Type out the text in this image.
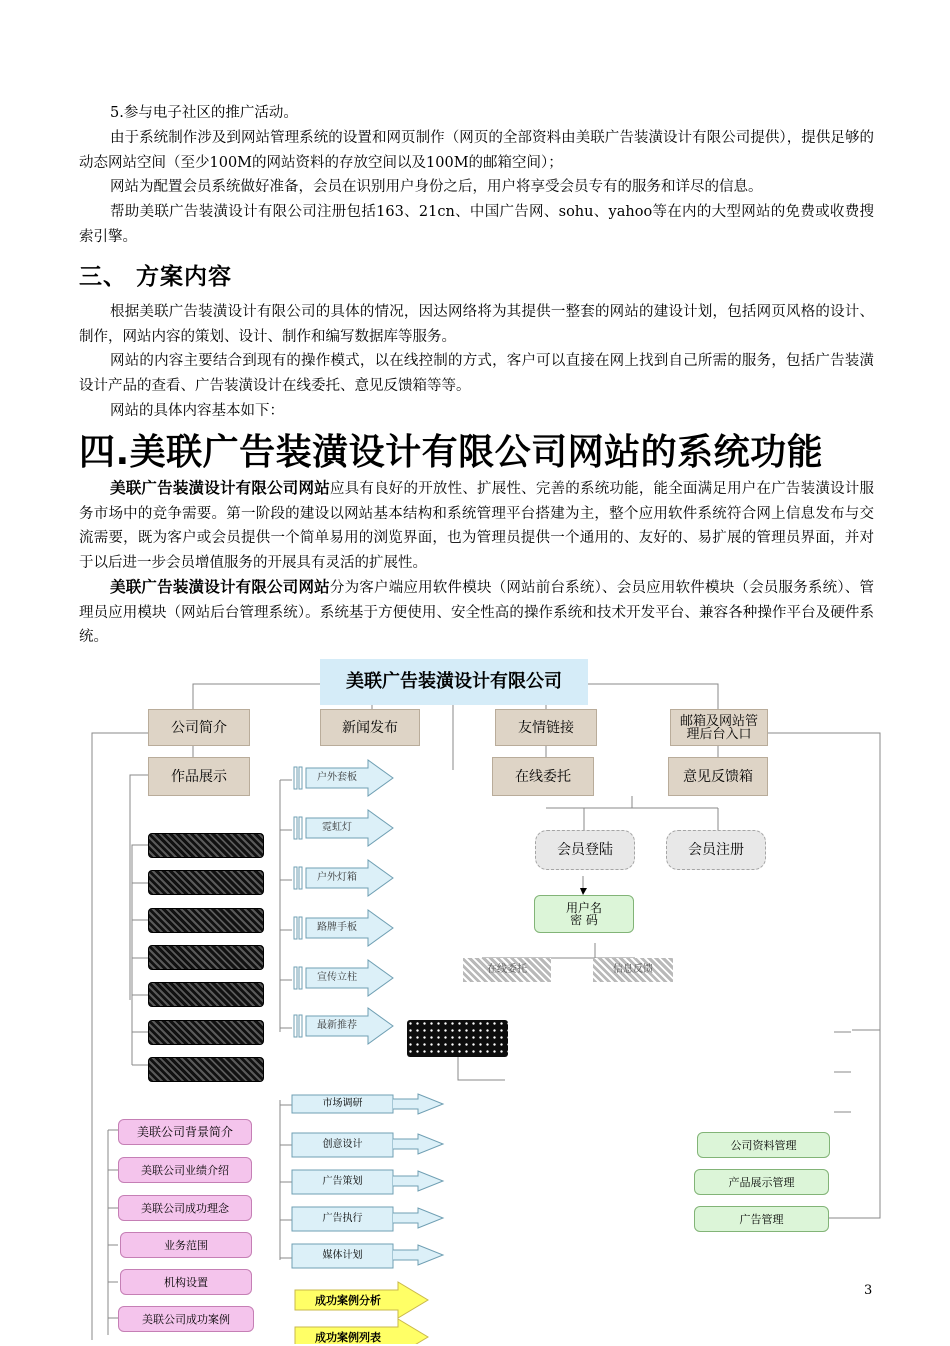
5.参与电子社区的推广活动。

由于系统制作涉及到网站管理系统的设置和网页制作（网页的全部资料由美联广告装潢设计有限公司提供），提供足够的动态网站空间（至少100M的网站资料的存放空间以及100M的邮箱空间）；

网站为配置会员系统做好准备，会员在识别用户身份之后，用户将享受会员专有的服务和详尽的信息。

帮助美联广告装潢设计有限公司注册包括163、21cn、中国广告网、sohu、yahoo等在内的大型网站的免费或收费搜索引擎。

三、 方案内容

根据美联广告装潢设计有限公司的具体的情况，因达网络将为其提供一整套的网站的建设计划，包括网页风格的设计、制作，网站内容的策划、设计、制作和编写数据库等服务。

网站的内容主要结合到现有的操作模式，以在线控制的方式，客户可以直接在网上找到自己所需的服务，包括广告装潢设计产品的查看、广告装潢设计在线委托、意见反馈箱等等。

网站的具体内容基本如下：

四.美联广告装潢设计有限公司网站的系统功能

美联广告装潢设计有限公司网站应具有良好的开放性、扩展性、完善的系统功能，能全面满足用户在广告装潢设计服务市场中的竞争需要。第一阶段的建设以网站基本结构和系统管理平台搭建为主，整个应用软件系统符合网上信息发布与交流需要，既为客户或会员提供一个简单易用的浏览界面，也为管理员提供一个通用的、友好的、易扩展的管理员界面，并对于以后进一步会员增值服务的开展具有灵活的扩展性。

美联广告装潢设计有限公司网站分为客户端应用软件模块（网站前台系统）、会员应用软件模块（会员服务系统）、管理员应用模块（网站后台管理系统）。系统基于方便使用、安全性高的操作系统和技术开发平台、兼容各种操作平台及硬件系统。

美联广告装潢设计有限公司
公司简介	新闻发布	友情链接	邮箱及网站管理后台入口
作品展示	在线委托	意见反馈箱
户外套板
霓虹灯
户外灯箱
路牌手板
宣传立柱
最新推荐
会员登陆	会员注册
用户名
密 码
在线委托	信息反馈
市场调研
创意设计
广告策划
广告执行
媒体计划
成功案例分析
成功案例列表
美联公司背景简介
美联公司业绩介绍
美联公司成功理念
业务范围
机构设置
美联公司成功案例
公司资料管理
产品展示管理
广告管理
3
